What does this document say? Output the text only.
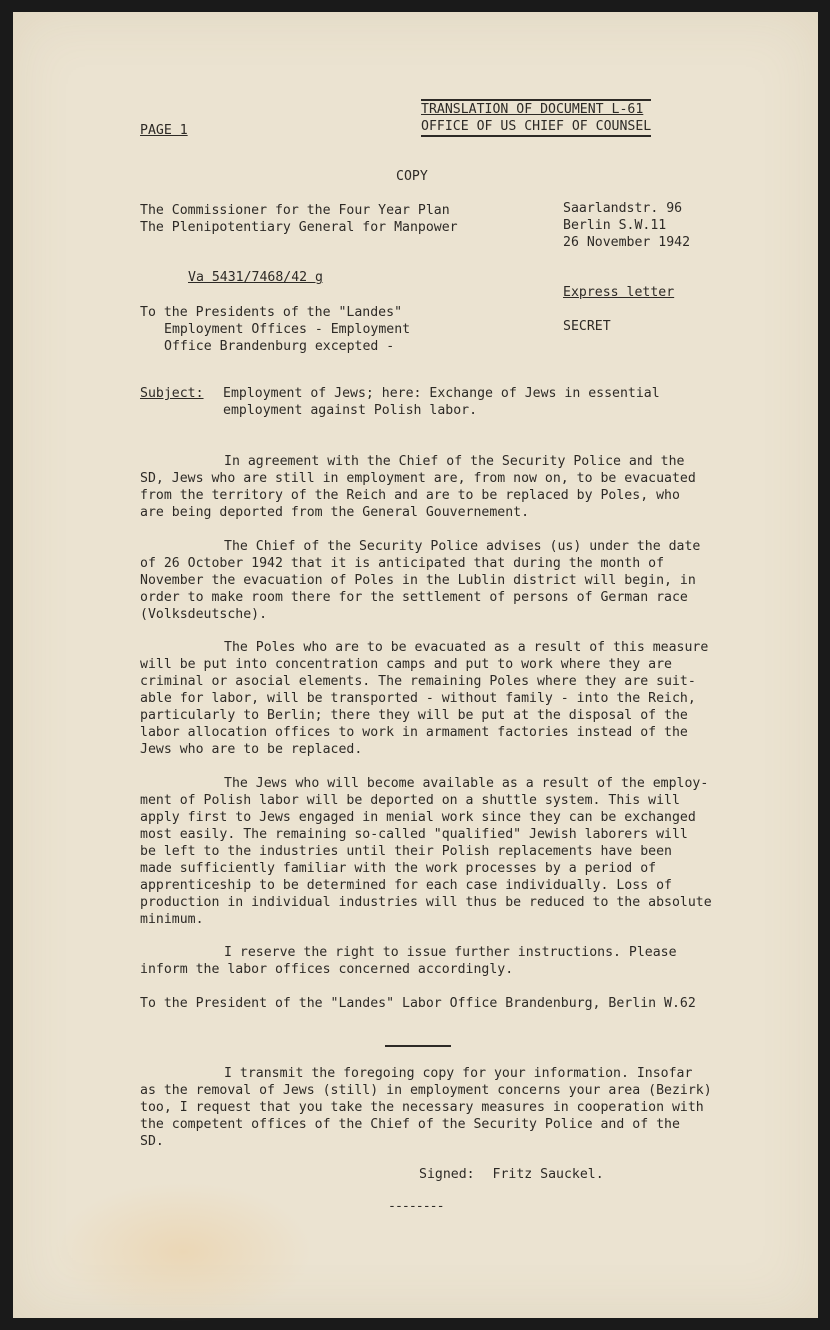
PAGE 1
TRANSLATION OF DOCUMENT L-61
OFFICE OF US CHIEF OF COUNSEL
COPY
The Commissioner for the Four Year Plan
The Plenipotentiary General for Manpower
Saarlandstr. 96
Berlin S.W.11
26 November 1942
Va 5431/7468/42 g
Express letter
To the Presidents of the "Landes"
Employment Offices - Employment
Office Brandenburg excepted -
SECRET
Subject: Employment of Jews; here: Exchange of Jews in essential
employment against Polish labor.
In agreement with the Chief of the Security Police and the
SD, Jews who are still in employment are, from now on, to be evacuated
from the territory of the Reich and are to be replaced by Poles, who
are being deported from the General Gouvernement.
The Chief of the Security Police advises (us) under the date
of 26 October 1942 that it is anticipated that during the month of
November the evacuation of Poles in the Lublin district will begin, in
order to make room there for the settlement of persons of German race
(Volksdeutsche).
The Poles who are to be evacuated as a result of this measure
will be put into concentration camps and put to work where they are
criminal or asocial elements. The remaining Poles where they are suit-
able for labor, will be transported - without family - into the Reich,
particularly to Berlin; there they will be put at the disposal of the
labor allocation offices to work in armament factories instead of the
Jews who are to be replaced.
The Jews who will become available as a result of the employ-
ment of Polish labor will be deported on a shuttle system. This will
apply first to Jews engaged in menial work since they can be exchanged
most easily. The remaining so-called "qualified" Jewish laborers will
be left to the industries until their Polish replacements have been
made sufficiently familiar with the work processes by a period of
apprenticeship to be determined for each case individually. Loss of
production in individual industries will thus be reduced to the absolute
minimum.
I reserve the right to issue further instructions. Please
inform the labor offices concerned accordingly.
To the President of the "Landes" Labor Office Brandenburg, Berlin W.62
I transmit the foregoing copy for your information. Insofar
as the removal of Jews (still) in employment concerns your area (Bezirk)
too, I request that you take the necessary measures in cooperation with
the competent offices of the Chief of the Security Police and of the
SD.
Signed: Fritz Sauckel.
--------
